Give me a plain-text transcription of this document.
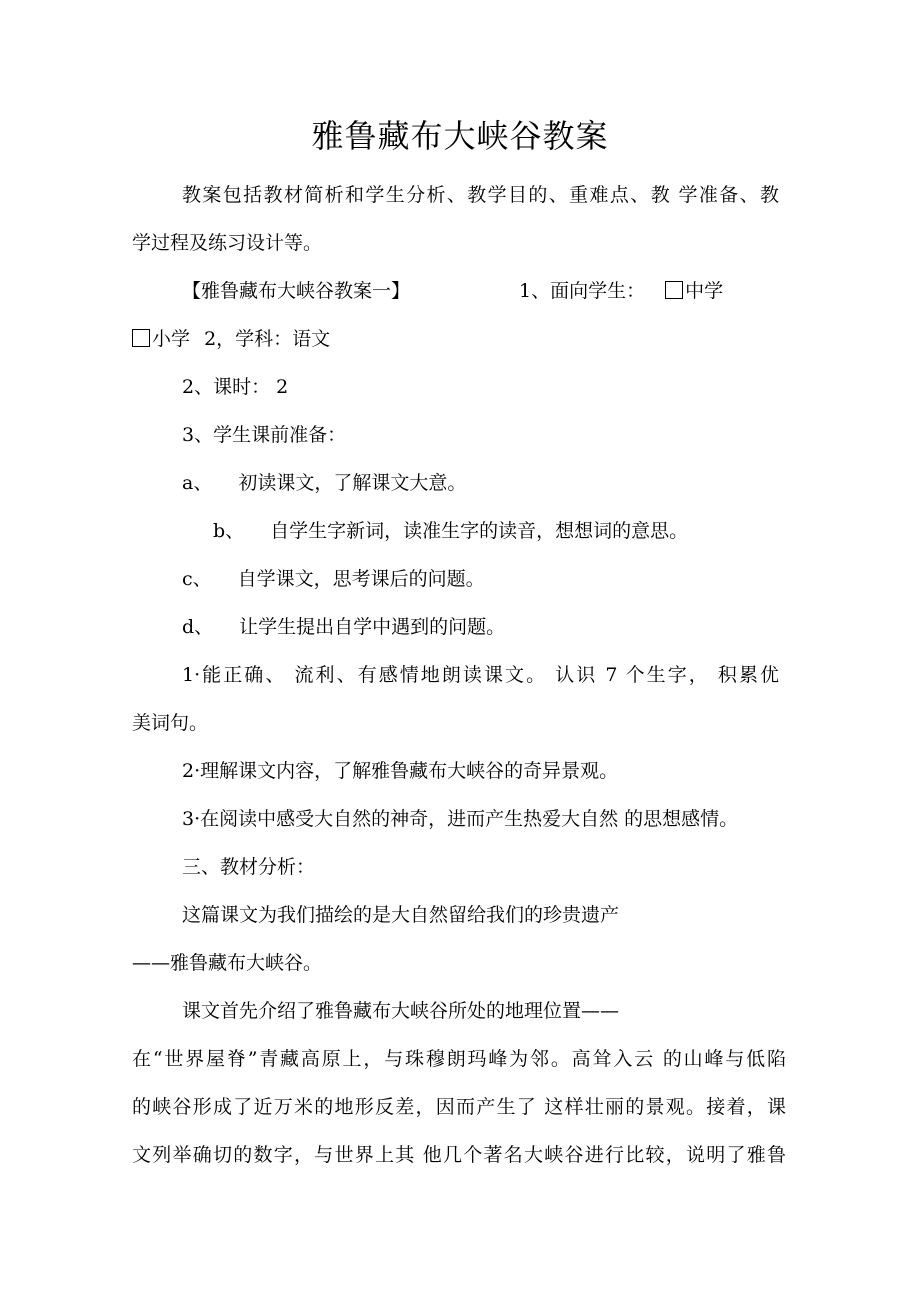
雅鲁藏布大峡谷教案
教案包括教材简析和学生分析、教学目的、重难点、教 学准备、教
学过程及练习设计等。
【雅鲁藏布大峡谷教案一】	1、面向学生： 中学
小学 2，学科：语文
2、课时： 2
3、学生课前准备：
a、 初读课文，了解课文大意。
b、 自学生字新词，读准生字的读音，想想词的意思。
c、 自学课文，思考课后的问题。
d、 让学生提出自学中遇到的问题。
1·能正确、 流利、有感情地朗读课文。 认识 7 个生字， 积累优
美词句。
2·理解课文内容，了解雅鲁藏布大峡谷的奇异景观。
3·在阅读中感受大自然的神奇，进而产生热爱大自然 的思想感情。
三、教材分析：
这篇课文为我们描绘的是大自然留给我们的珍贵遗产
——雅鲁藏布大峡谷。
课文首先介绍了雅鲁藏布大峡谷所处的地理位置——
在“世界屋脊”青藏高原上，与珠穆朗玛峰为邻。高耸入云 的山峰与低陷
的峡谷形成了近万米的地形反差，因而产生了 这样壮丽的景观。接着，课
文列举确切的数字，与世界上其 他几个著名大峡谷进行比较，说明了雅鲁
